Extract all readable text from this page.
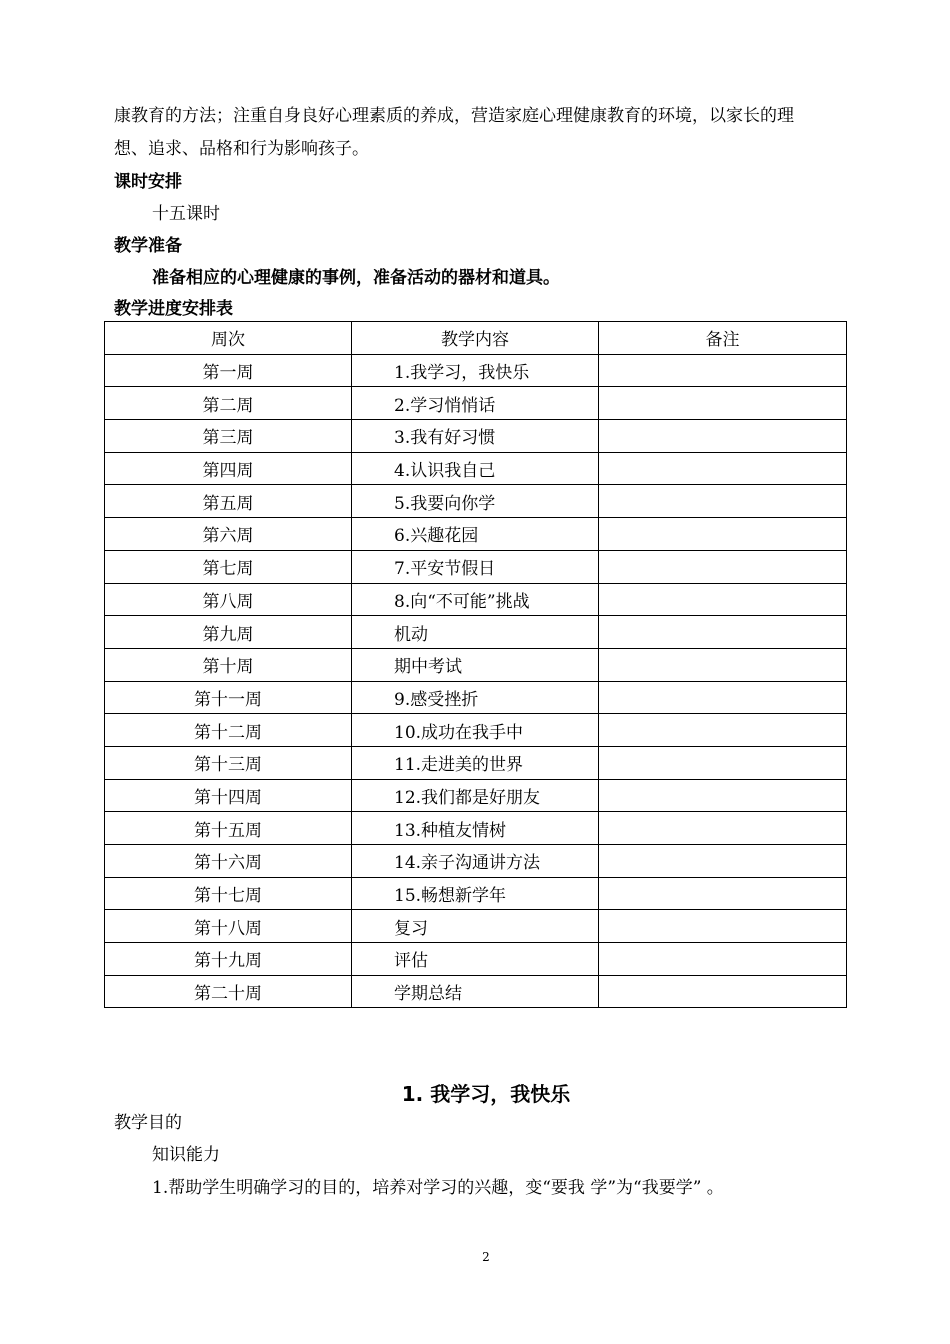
康教育的方法；注重自身良好心理素质的养成，营造家庭心理健康教育的环境，以家长的理
想、追求、品格和行为影响孩子。
课时安排
十五课时
教学准备
准备相应的心理健康的事例，准备活动的器材和道具。
教学进度安排表
周次	教学内容	备注
第一周	1.我学习，我快乐	
第二周	2.学习悄悄话	
第三周	3.我有好习惯	
第四周	4.认识我自己	
第五周	5.我要向你学	
第六周	6.兴趣花园	
第七周	7.平安节假日	
第八周	8.向“不可能”挑战	
第九周	机动	
第十周	期中考试	
第十一周	9.感受挫折	
第十二周	10.成功在我手中	
第十三周	11.走进美的世界	
第十四周	12.我们都是好朋友	
第十五周	13.种植友情树	
第十六周	14.亲子沟通讲方法	
第十七周	15.畅想新学年	
第十八周	复习	
第十九周	评估	
第二十周	学期总结	
1. 我学习，我快乐
教学目的
知识能力
1.帮助学生明确学习的目的，培养对学习的兴趣，变“要我 学”为“我要学” 。
2
